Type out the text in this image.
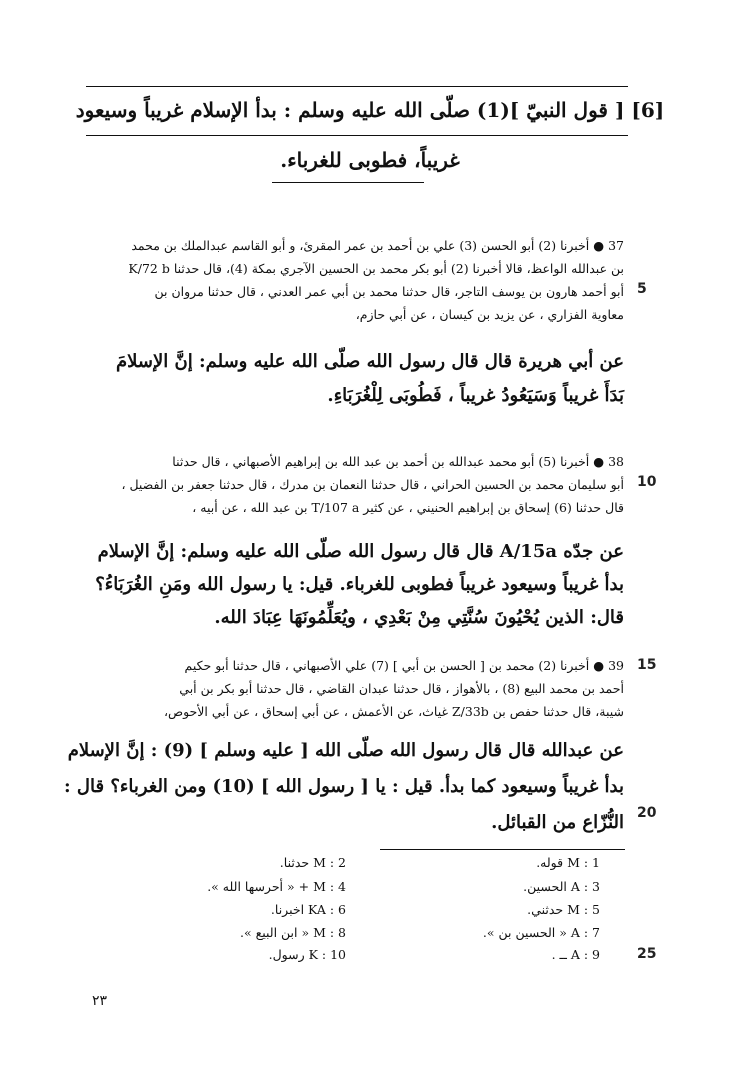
[6] [ قول النبيّ ](1) صلّى الله عليه وسلم : بدأ الإسلام غريباً وسيعود
غريباً، فطوبى للغرباء.

37 ● أخبرنا (2) أبو الحسن (3) علي بن أحمد بن عمر المقرئ، و أبو القاسم عبدالملك بن محمد

بن عبدالله الواعظ، قالا أخبرنا (2) أبو بكر محمد بن الحسين الآجري بمكة (4)، قال حدثنا K/72 b

أبو أحمد هارون بن يوسف التاجر، قال حدثنا محمد بن أبي عمر العدني ، قال حدثنا مروان بن

معاوية الفزاري ، عن يزيد بن كيسان ، عن أبي حازم،

عن أبي هريرة قال قال رسول الله صلّى الله عليه وسلم: إنَّ الإسلامَ

بَدَأَ غريباً وَسَيَعُودُ غريباً ، فَطُوبَى لِلْغُرَبَاءِ.

38 ● أخبرنا (5) أبو محمد عبدالله بن أحمد بن عبد الله بن إبراهيم الأصبهاني ، قال حدثنا

أبو سليمان محمد بن الحسين الحراني ، قال حدثنا النعمان بن مدرك ، قال حدثنا جعفر بن الفضيل ،

قال حدثنا (6) إسحاق بن إبراهيم الحنيني ، عن كثير T/107 a بن عبد الله ، عن أبيه ،

عن جدّه A/15a قال قال رسول الله صلّى الله عليه وسلم: إنَّ الإسلام

بدأ غريباً وسيعود غريباً فطوبى للغرباء. قيل: يا رسول الله ومَنِ الغُرَبَاءُ؟

قال: الذين يُحْيُونَ سُنَّتِي مِنْ بَعْدِي ، ويُعَلِّمُونَهَا عِبَادَ الله.

39 ● أخبرنا (2) محمد بن [ الحسن بن أبي ] (7) علي الأصبهاني ، قال حدثنا أبو حكيم

أحمد بن محمد البيع (8) ، بالأهواز ، قال حدثنا عبدان القاضي ، قال حدثنا أبو بكر بن أبي

شيبة، قال حدثنا حفص بن Z/33b غياث، عن الأعمش ، عن أبي إسحاق ، عن أبي الأحوص،

عن عبدالله قال قال رسول الله صلّى الله [ عليه وسلم ] (9) : إنَّ الإسلام

بدأ غريباً وسيعود كما بدأ. قيل : يا [ رسول الله ] (10) ومن الغرباء؟ قال :

النُّزّاع من القبائل.

5
10
15
20
25
M : 1 قوله.
A : 3 الحسين.
M : 5 حدثني.
A : 7 « الحسين بن ».
A : 9 ــ .
M : 2 حدثنا.
M : 4 + « أحرسها الله ».
KA : 6 اخبرنا.
M : 8 « ابن البيع ».
K : 10 رسول.
٢٣
